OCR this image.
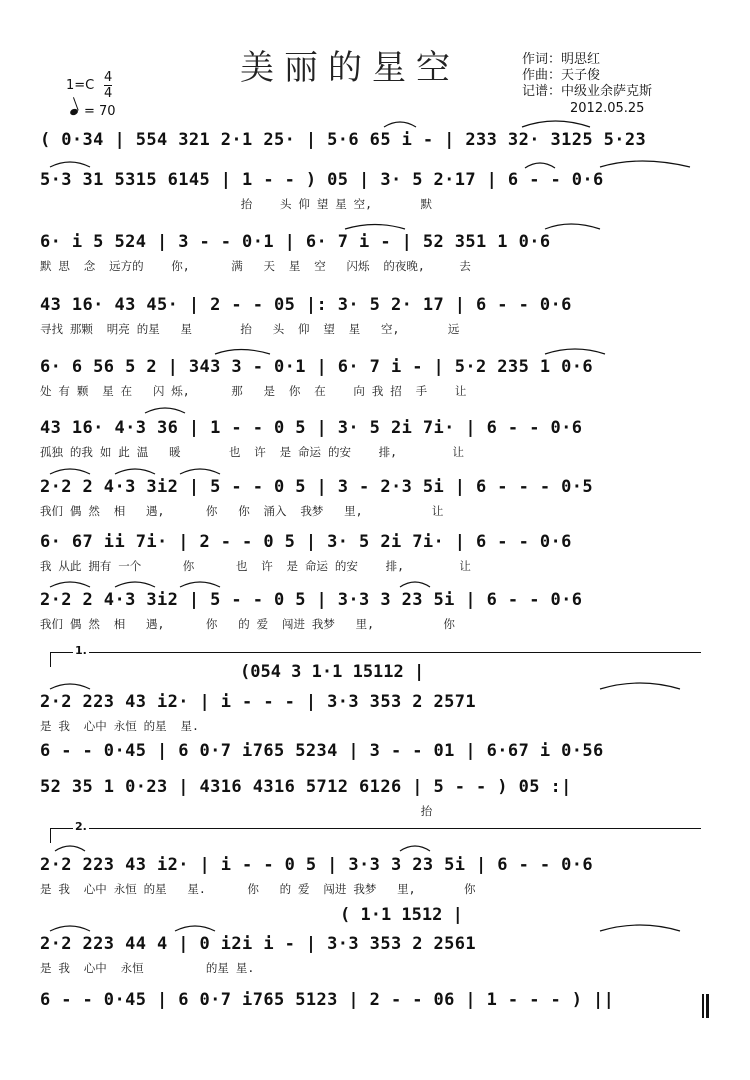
美丽的星空	作词：明思红
作曲：天子俊
记谱：中级业余萨克斯
2012.05.25
$1=C \frac{4}{4}$
= 70
( 0·34 | 554 321 2·1 25· | 5·6 65 i - | 233 32· 3125 5·23
5·3 31 5315 6145 | 1 - - ) 05 | 3· 5 2·17 | 6 - - 0·6
抬    头 仰 望 星 空,       默
6· i 5 524 | 3 - - 0·1 | 6· 7 i - | 52 351 1 0·6
默 思  念  远方的    你,      满   天  星  空   闪烁  的夜晚,     去
43 16· 43 45· | 2 - - 05 |: 3· 5 2· 17 | 6 - - 0·6
寻找 那颗  明亮 的星   星       抬   头  仰  望  星   空,       远
6· 6 56 5 2 | 343 3 - 0·1 | 6· 7 i - | 5·2 235 1 0·6
处 有 颗  星 在   闪 烁,      那   是  你  在    向 我 招  手    让
43 16· 4·3 36 | 1 - - 0 5 | 3· 5 2i 7i· | 6 - - 0·6
孤独 的我 如 此 温   暖       也  许  是 命运 的安    排,        让
2·2 2 4·3 3i2 | 5 - - 0 5 | 3 - 2·3 5i | 6 - - - 0·5
我们 偶 然  相   遇,      你   你  涌入  我梦   里,          让
6· 67 ii 7i· | 2 - - 0 5 | 3· 5 2i 7i· | 6 - - 0·6
我 从此 拥有 一个      你      也  许  是 命运 的安    排,        让
2·2 2 4·3 3i2 | 5 - - 0 5 | 3·3 3 23 5i | 6 - - 0·6
我们 偶 然  相   遇,      你   的 爱  闯进 我梦   里,          你
1.
(054 3 1·1 15112 |
2·2 223 43 i2· | i - - - | 3·3 353 2 2571
是 我  心中 永恒 的星  星.
6 - - 0·45 | 6 0·7 i765 5234 | 3 - - 01 | 6·67 i 0·56
52 35 1 0·23 | 4316 4316 5712 6126 | 5 - - ) 05 :|
抬
2.
2·2 223 43 i2· | i - - 0 5 | 3·3 3 23 5i | 6 - - 0·6
是 我  心中 永恒 的星   星.      你   的 爱  闯进 我梦   里,       你
( 1·1 1512 |
2·2 223 44 4 | 0 i2i i - | 3·3 353 2 2561
是 我  心中  永恒         的星 星.
6 - - 0·45 | 6 0·7 i765 5123 | 2 - - 06 | 1 - - - ) ||
